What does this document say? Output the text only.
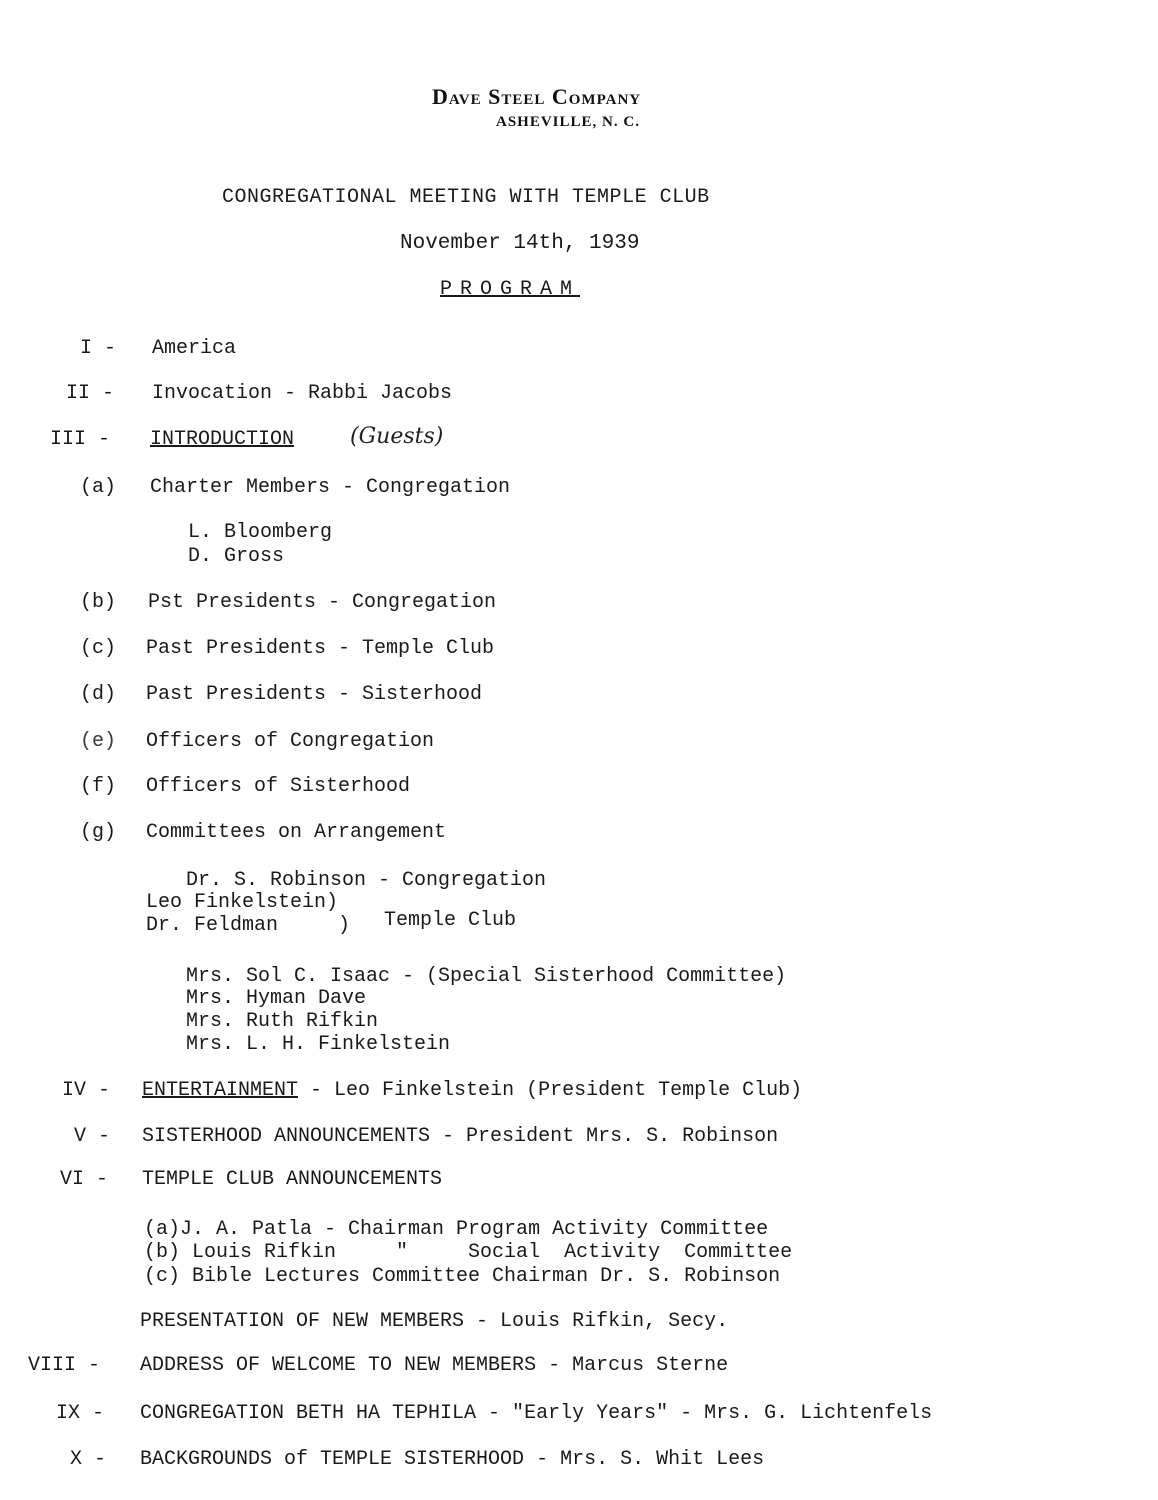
Dave Steel Company
ASHEVILLE, N. C.
CONGREGATIONAL MEETING WITH TEMPLE CLUB
November 14th, 1939
PROGRAM
I - America
II - Invocation - Rabbi Jacobs
III - INTRODUCTION	(Guests)
(a) Charter Members - Congregation
L. Bloomberg
D. Gross
(b) Pst Presidents - Congregation
(c) Past Presidents - Temple Club
(d) Past Presidents - Sisterhood
(e) Officers of Congregation
(f) Officers of Sisterhood
(g) Committees on Arrangement
Dr. S. Robinson - Congregation
Leo Finkelstein)
Dr. Feldman     ) Temple Club
Mrs. Sol C. Isaac - (Special Sisterhood Committee)
Mrs. Hyman Dave
Mrs. Ruth Rifkin
Mrs. L. H. Finkelstein
IV - ENTERTAINMENT - Leo Finkelstein (President Temple Club)
V - SISTERHOOD ANNOUNCEMENTS - President Mrs. S. Robinson
VI - TEMPLE CLUB ANNOUNCEMENTS
(a)J. A. Patla - Chairman Program Activity Committee
(b) Louis Rifkin     "     Social  Activity  Committee
(c) Bible Lectures Committee Chairman Dr. S. Robinson
PRESENTATION OF NEW MEMBERS - Louis Rifkin, Secy.
VIII - ADDRESS OF WELCOME TO NEW MEMBERS - Marcus Sterne
IX - CONGREGATION BETH HA TEPHILA - "Early Years" - Mrs. G. Lichtenfels
X - BACKGROUNDS of TEMPLE SISTERHOOD - Mrs. S. Whit Lees
